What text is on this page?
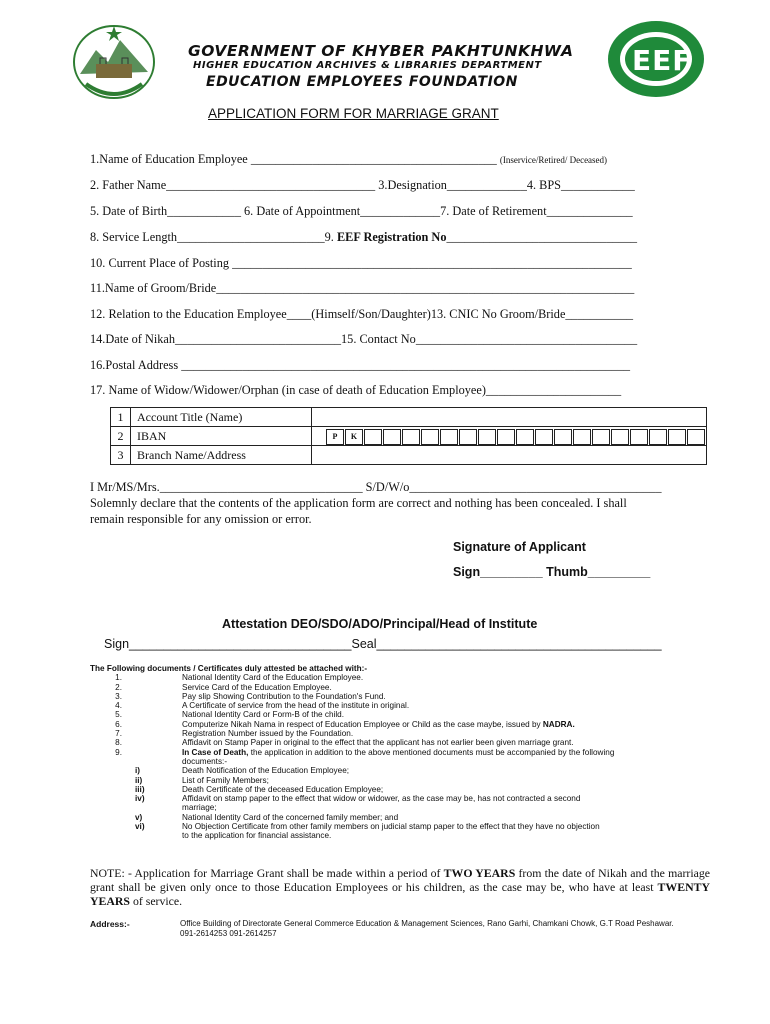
EEF
GOVERNMENT OF KHYBER PAKHTUNKHWA
HIGHER EDUCATION ARCHIVES & LIBRARIES DEPARTMENT
EDUCATION EMPLOYEES FOUNDATION
APPLICATION FORM FOR MARRIAGE GRANT
1.Name of Education Employee ________________________________________ (Inservice/Retired/ Deceased)
2. Father Name__________________________________ 3.Designation_____________4. BPS____________
5. Date of Birth____________ 6. Date of Appointment_____________7. Date of Retirement______________
8. Service Length________________________9. EEF Registration No_______________________________
10. Current Place of Posting _________________________________________________________________
11.Name of Groom/Bride____________________________________________________________________
12. Relation to the Education Employee____(Himself/Son/Daughter)13. CNIC No Groom/Bride___________
14.Date of Nikah___________________________15. Contact No____________________________________
16.Postal Address _________________________________________________________________________
17. Name of Widow/Widower/Orphan (in case of death of Education Employee)______________________
1	Account Title (Name)	
2	IBAN	P K

3	Branch Name/Address	
I Mr/MS/Mrs._________________________________ S/D/W/o_________________________________________
Solemnly declare that the contents of the application form are correct and nothing has been concealed. I shall
remain responsible for any omission or error.
Signature of Applicant
Sign_________ Thumb_________
Attestation DEO/SDO/ADO/Principal/Head of Institute
Sign________________________________Seal_________________________________________
The Following documents / Certificates duly attested be attached with:-
1.	National Identity Card of the Education Employee.
2.	Service Card of the Education Employee.
3.	Pay slip Showing Contribution to the Foundation's Fund.
4.	A Certificate of service from the head of the institute in original.
5.	National Identity Card or Form-B of the child.
6.	Computerize Nikah Nama in respect of Education Employee or Child as the case maybe, issued by NADRA.
7.	Registration Number issued by the Foundation.
8.	Affidavit on Stamp Paper in original to the effect that the applicant has not earlier been given marriage grant.
9.	In Case of Death, the application in addition to the above mentioned documents must be accompanied by the following
documents:-
i)	Death Notification of the Education Employee;
ii)	List of Family Members;
iii)	Death Certificate of the deceased Education Employee;
iv)	Affidavit on stamp paper to the effect that widow or widower, as the case may be, has not contracted a second
marriage;
v)	National Identity Card of the concerned family member; and
vi)	No Objection Certificate from other family members on judicial stamp paper to the effect that they have no objection
to the application for financial assistance.
NOTE: - Application for Marriage Grant shall be made within a period of TWO YEARS from the date of Nikah and the marriage grant shall be given only once to those Education Employees or his children, as the case may be, who have at least TWENTY YEARS of service.
Address:-	Office Building of Directorate General Commerce Education & Management Sciences, Rano Garhi, Chamkani Chowk, G.T Road Peshawar.
091-2614253 091-2614257
